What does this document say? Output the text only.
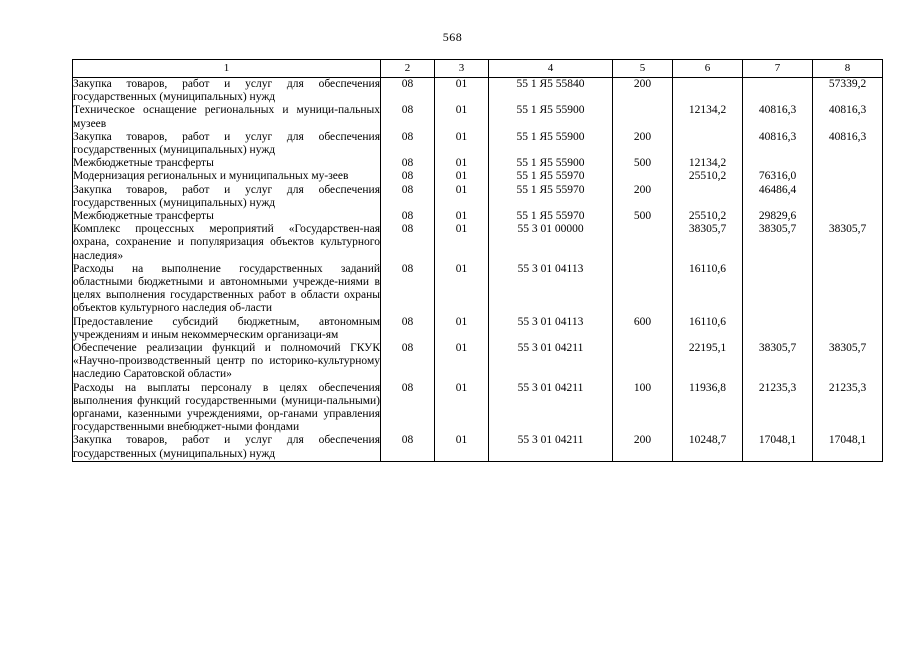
568
1	2	3	4	5	6	7	8
Закупка товаров, работ и услуг для обеспечения государственных (муниципальных) нужд	08	01	55 1 Я5 55840	200			57339,2
Техническое оснащение региональных и муници-пальных музеев	08	01	55 1 Я5 55900		12134,2	40816,3	40816,3
Закупка товаров, работ и услуг для обеспечения государственных (муниципальных) нужд	08	01	55 1 Я5 55900	200		40816,3	40816,3
Межбюджетные трансферты	08	01	55 1 Я5 55900	500	12134,2		
Модернизация региональных и муниципальных му-зеев	08	01	55 1 Я5 55970		25510,2	76316,0	
Закупка товаров, работ и услуг для обеспечения государственных (муниципальных) нужд	08	01	55 1 Я5 55970	200		46486,4	
Межбюджетные трансферты	08	01	55 1 Я5 55970	500	25510,2	29829,6	
Комплекс процессных мероприятий «Государствен-ная охрана, сохранение и популяризация объектов культурного наследия»	08	01	55 3 01 00000		38305,7	38305,7	38305,7
Расходы на выполнение государственных заданий областными бюджетными и автономными учрежде-ниями в целях выполнения государственных работ в области охраны объектов культурного наследия об-ласти	08	01	55 3 01 04113		16110,6		
Предоставление субсидий бюджетным, автономным учреждениям и иным некоммерческим организаци-ям	08	01	55 3 01 04113	600	16110,6		
Обеспечение реализации функций и полномочий ГКУК «Научно-производственный центр по историко-культурному наследию Саратовской области»	08	01	55 3 01 04211		22195,1	38305,7	38305,7
Расходы на выплаты персоналу в целях обеспечения выполнения функций государственными (муници-пальными) органами, казенными учреждениями, ор-ганами управления государственными внебюджет-ными фондами	08	01	55 3 01 04211	100	11936,8	21235,3	21235,3
Закупка товаров, работ и услуг для обеспечения государственных (муниципальных) нужд	08	01	55 3 01 04211	200	10248,7	17048,1	17048,1
